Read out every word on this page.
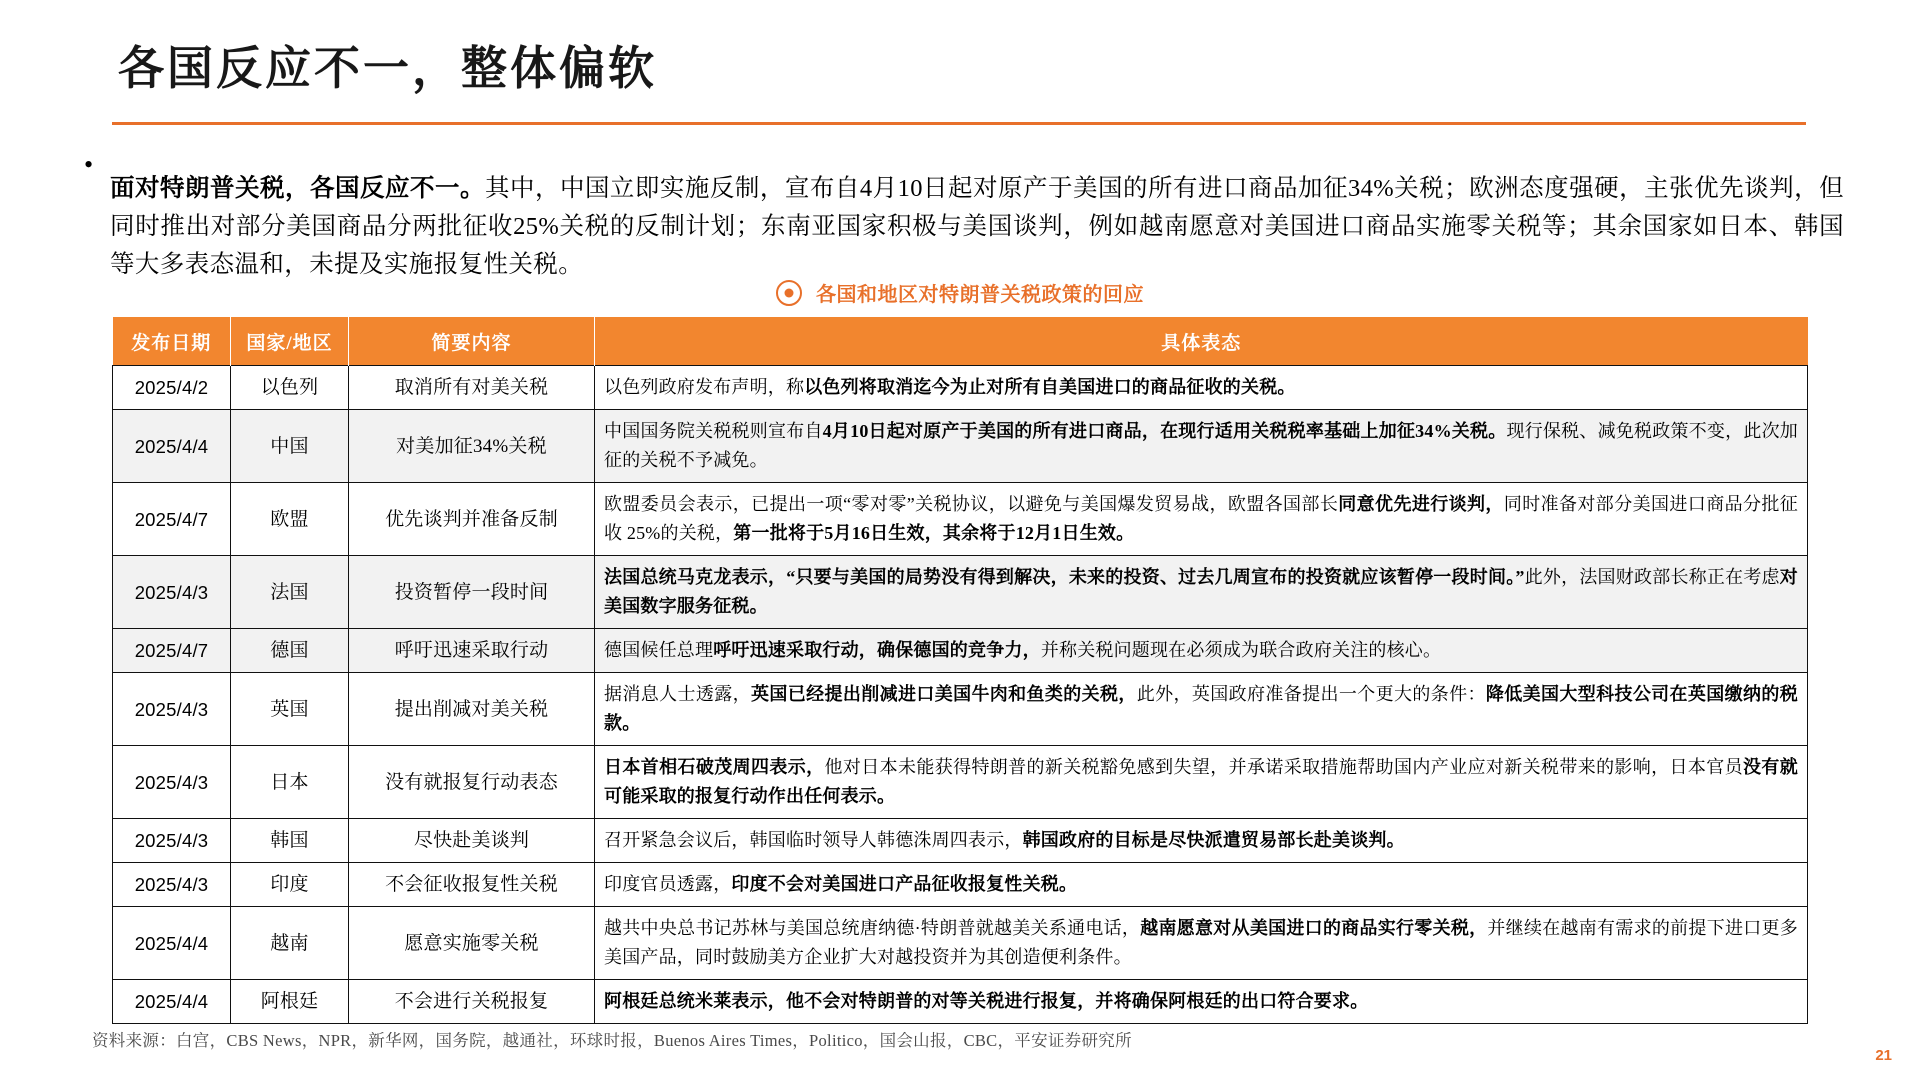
各国反应不一，整体偏软
•

面对特朗普关税，各国反应不一。其中，中国立即实施反制，宣布自4月10日起对原产于美国的所有进口商品加征34%关税；欧洲态度强硬，主张优先谈判，但同时推出对部分美国商品分两批征收25%关税的反制计划；东南亚国家积极与美国谈判，例如越南愿意对美国进口商品实施零关税等；其余国家如日本、韩国等大多表态温和，未提及实施报复性关税。

各国和地区对特朗普关税政策的回应
发布日期	国家/地区	简要内容	具体表态
2025/4/2	以色列	取消所有对美关税	以色列政府发布声明，称以色列将取消迄今为止对所有自美国进口的商品征收的关税。
2025/4/4	中国	对美加征34%关税	中国国务院关税税则宣布自4月10日起对原产于美国的所有进口商品，在现行适用关税税率基础上加征34%关税。现行保税、减免税政策不变，此次加征的关税不予减免。
2025/4/7	欧盟	优先谈判并准备反制	欧盟委员会表示，已提出一项“零对零”关税协议，以避免与美国爆发贸易战，欧盟各国部长同意优先进行谈判，同时准备对部分美国进口商品分批征收 25%的关税，第一批将于5月16日生效，其余将于12月1日生效。
2025/4/3	法国	投资暂停一段时间	法国总统马克龙表示，“只要与美国的局势没有得到解决，未来的投资、过去几周宣布的投资就应该暂停一段时间。”此外，法国财政部长称正在考虑对美国数字服务征税。
2025/4/7	德国	呼吁迅速采取行动	德国候任总理呼吁迅速采取行动，确保德国的竞争力，并称关税问题现在必须成为联合政府关注的核心。
2025/4/3	英国	提出削减对美关税	据消息人士透露，英国已经提出削减进口美国牛肉和鱼类的关税，此外，英国政府准备提出一个更大的条件：降低美国大型科技公司在英国缴纳的税款。
2025/4/3	日本	没有就报复行动表态	日本首相石破茂周四表示，他对日本未能获得特朗普的新关税豁免感到失望，并承诺采取措施帮助国内产业应对新关税带来的影响，日本官员没有就可能采取的报复行动作出任何表示。
2025/4/3	韩国	尽快赴美谈判	召开紧急会议后，韩国临时领导人韩德洙周四表示，韩国政府的目标是尽快派遣贸易部长赴美谈判。
2025/4/3	印度	不会征收报复性关税	印度官员透露，印度不会对美国进口产品征收报复性关税。
2025/4/4	越南	愿意实施零关税	越共中央总书记苏林与美国总统唐纳德·特朗普就越美关系通电话，越南愿意对从美国进口的商品实行零关税，并继续在越南有需求的前提下进口更多美国产品，同时鼓励美方企业扩大对越投资并为其创造便利条件。
2025/4/4	阿根廷	不会进行关税报复	阿根廷总统米莱表示，他不会对特朗普的对等关税进行报复，并将确保阿根廷的出口符合要求。
资料来源：白宫，CBS News，NPR，新华网，国务院，越通社，环球时报，Buenos Aires Times，Politico，国会山报，CBC，平安证券研究所
21
